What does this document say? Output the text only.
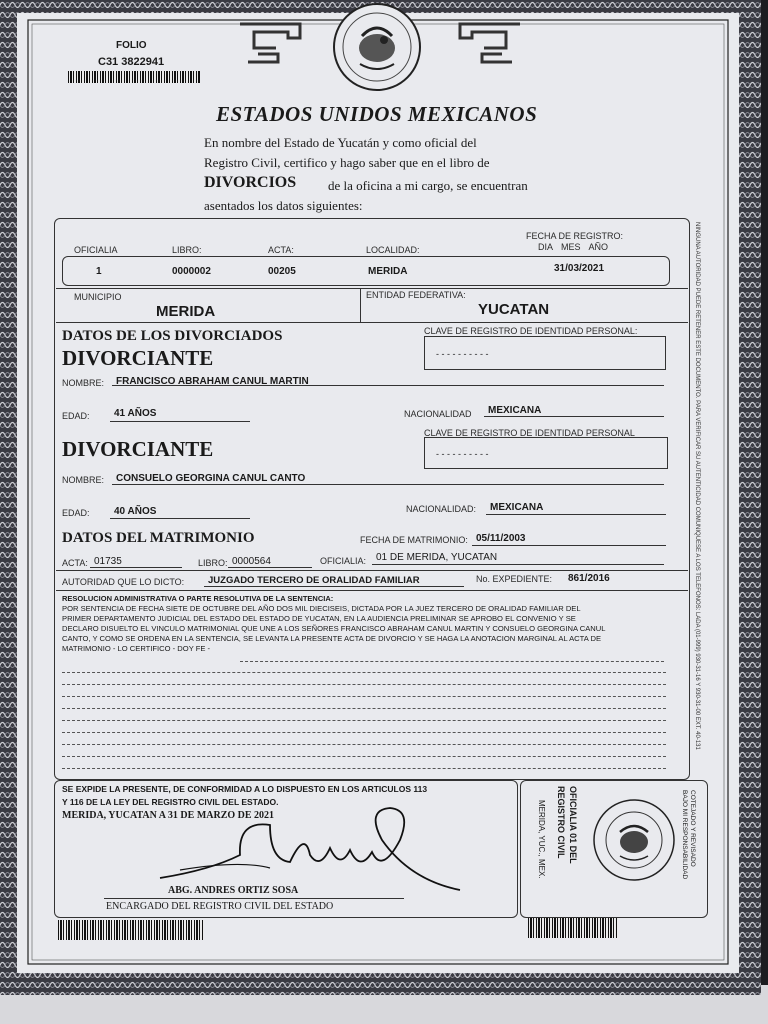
FOLIO
C31 3822941
ESTADOS UNIDOS MEXICANOS
En nombre del Estado de Yucatán y como oficial del
Registro Civil, certifico y hago saber que en el libro de
DIVORCIOS de la oficina a mi cargo, se encuentran
asentados los datos siguientes:
OFICIALIA	LIBRO:	ACTA:	LOCALIDAD:
FECHA DE REGISTRO:
DIA MES AÑO
1	0000002	00205	MERIDA	31/03/2021
MUNICIPIO
MERIDA
ENTIDAD FEDERATIVA:
YUCATAN
DATOS DE LOS DIVORCIADOS	CLAVE DE REGISTRO DE IDENTIDAD PERSONAL:
- - - - - - - - - -
DIVORCIANTE
NOMBRE: FRANCISCO ABRAHAM CANUL MARTIN
EDAD: 41 AÑOS	NACIONALIDAD MEXICANA
CLAVE DE REGISTRO DE IDENTIDAD PERSONAL
- - - - - - - - - -
DIVORCIANTE
NOMBRE: CONSUELO GEORGINA CANUL CANTO
EDAD: 40 AÑOS	NACIONALIDAD: MEXICANA
DATOS DEL MATRIMONIO	FECHA DE MATRIMONIO: 05/11/2003
ACTA: 01735	LIBRO: 0000564	OFICIALIA: 01 DE MERIDA, YUCATAN
AUTORIDAD QUE LO DICTO:	JUZGADO TERCERO DE ORALIDAD FAMILIAR	No. EXPEDIENTE: 861/2016
RESOLUCION ADMINISTRATIVA O PARTE RESOLUTIVA DE LA SENTENCIA:
POR SENTENCIA DE FECHA SIETE DE OCTUBRE DEL AÑO DOS MIL DIECISEIS, DICTADA POR LA JUEZ TERCERO DE ORALIDAD FAMILIAR DEL
PRIMER DEPARTAMENTO JUDICIAL DEL ESTADO DEL ESTADO DE YUCATAN, EN LA AUDIENCIA PRELIMINAR SE APROBO EL CONVENIO Y SE
DECLARO DISUELTO EL VINCULO MATRIMONIAL QUE UNE A LOS SEÑORES FRANCISCO ABRAHAM CANUL MARTIN Y CONSUELO GEORGINA CANUL
CANTO, Y COMO SE ORDENA EN LA SENTENCIA, SE LEVANTA LA PRESENTE ACTA DE DIVORCIO Y SE HAGA LA ANOTACION MARGINAL AL ACTA DE
MATRIMONIO - LO CERTIFICO - DOY FE -
SE EXPIDE LA PRESENTE, DE CONFORMIDAD A LO DISPUESTO EN LOS ARTICULOS 113
Y 116 DE LA LEY DEL REGISTRO CIVIL DEL ESTADO.
MERIDA, YUCATAN A 31 DE MARZO DE 2021
ABG. ANDRES ORTIZ SOSA
ENCARGADO DEL REGISTRO CIVIL DEL ESTADO
OFICIALIA 01 DEL
REGISTRO CIVIL
MERIDA, YUC., MEX.	COTEJADO Y REVISADO
BAJO MI RESPONSABILIDAD
NINGUNA AUTORIDAD PUEDE RETENER ESTE DOCUMENTO. PARA VERIFICAR SU AUTENTICIDAD COMUNIQUESE A LOS TELEFONOS: LADA (01-999) 930-31-16 Y 930-31-00 EXT. 40-131
